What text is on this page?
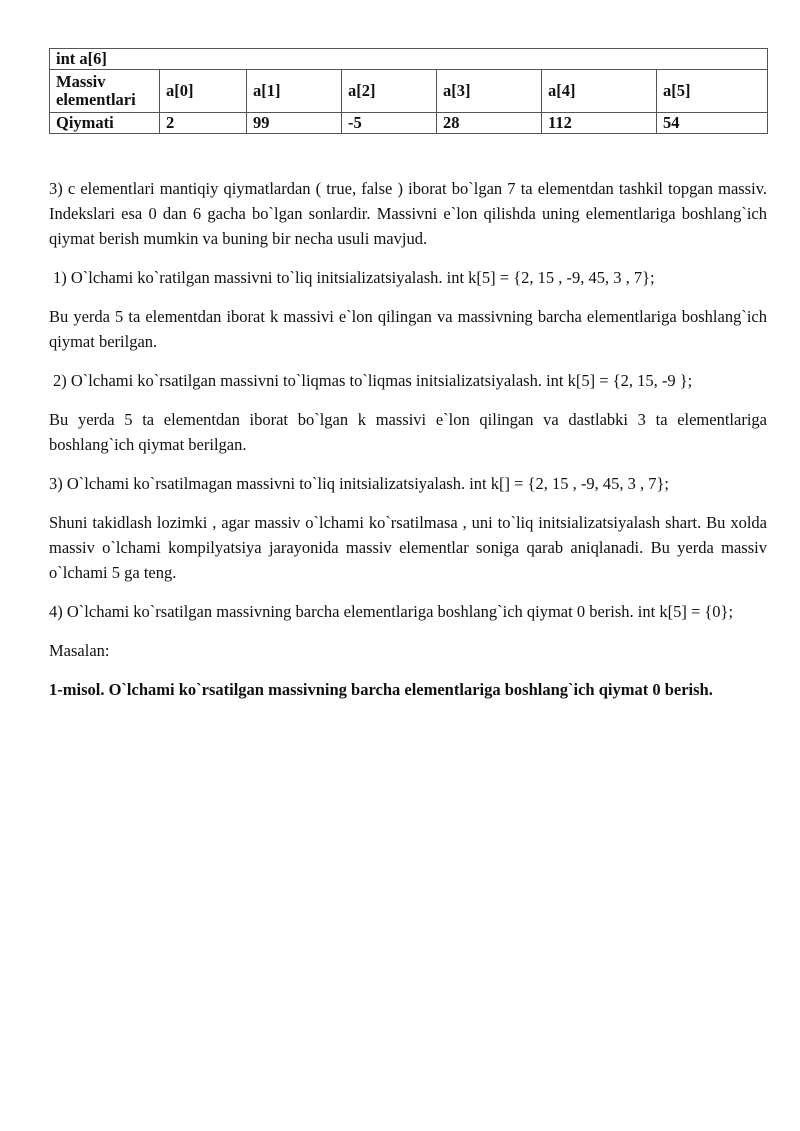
int a[6]						
Massiv elementlari	a[0]	a[1]	a[2]	a[3]	a[4]	a[5]
Qiymati	2	99	-5	28	112	54

3) c elementlari mantiqiy qiymatlardan ( true, false ) iborat bo`lgan 7 ta elementdan tashkil topgan massiv. Indekslari esa 0 dan 6 gacha bo`lgan sonlardir. Massivni e`lon qilishda uning elementlariga boshlang`ich qiymat berish mumkin va buning bir necha usuli mavjud.

1) O`lchami ko`ratilgan massivni to`liq initsializatsiyalash. int k[5] = {2, 15 , -9, 45, 3 , 7};

Bu yerda 5 ta elementdan iborat k massivi e`lon qilingan va massivning barcha elementlariga boshlang`ich qiymat berilgan.

2) O`lchami ko`rsatilgan massivni to`liqmas to`liqmas initsializatsiyalash. int k[5] = {2, 15, -9 };

Bu yerda 5 ta elementdan iborat bo`lgan k massivi e`lon qilingan va dastlabki 3 ta elementlariga boshlang`ich qiymat berilgan.

3) O`lchami ko`rsatilmagan massivni to`liq initsializatsiyalash. int k[] = {2, 15 , -9, 45, 3 , 7};

Shuni takidlash lozimki , agar massiv o`lchami ko`rsatilmasa , uni to`liq initsializatsiyalash shart. Bu xolda massiv o`lchami kompilyatsiya jarayonida massiv elementlar soniga qarab aniqlanadi. Bu yerda massiv o`lchami 5 ga teng.

4) O`lchami ko`rsatilgan massivning barcha elementlariga boshlang`ich qiymat 0 berish. int k[5] = {0};

Masalan:

1-misol. O`lchami ko`rsatilgan massivning barcha elementlariga boshlang`ich qiymat 0 berish.
